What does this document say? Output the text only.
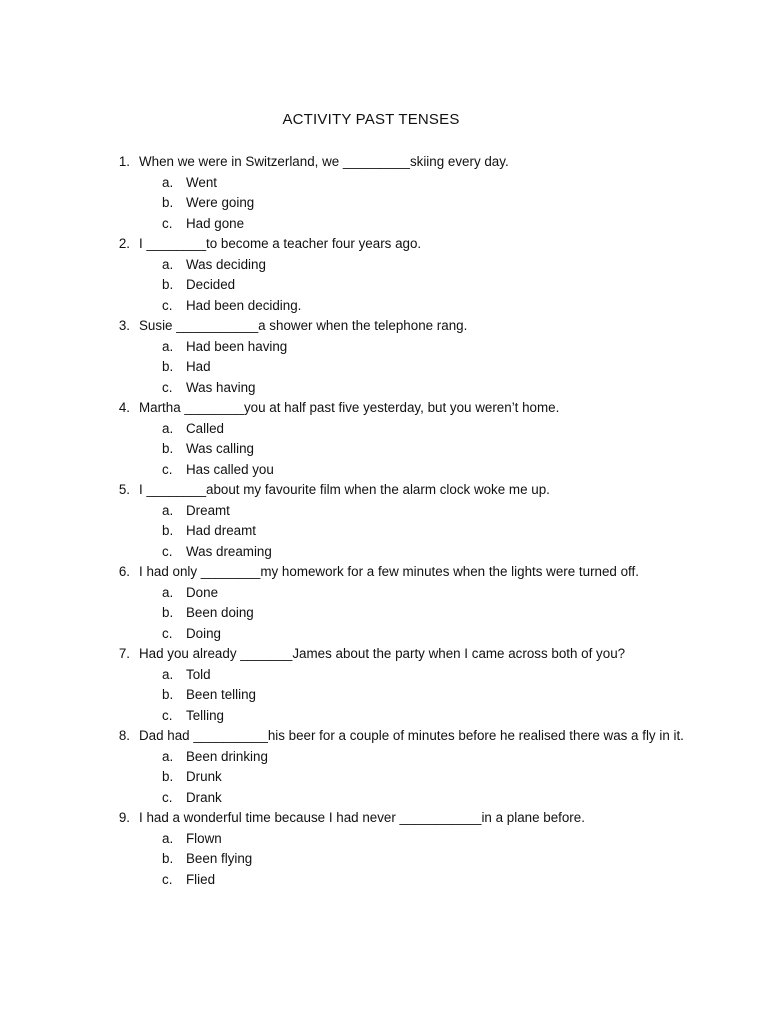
ACTIVITY PAST TENSES
1. When we were in Switzerland, we _________skiing every day.
a. Went
b. Were going
c. Had gone
2. I ________to become a teacher four years ago.
a. Was deciding
b. Decided
c. Had been deciding.
3. Susie ___________a shower when the telephone rang.
a. Had been having
b. Had
c. Was having
4. Martha ________you at half past five yesterday, but you weren’t home.
a. Called
b. Was calling
c. Has called you
5. I ________about my favourite film when the alarm clock woke me up.
a. Dreamt
b. Had dreamt
c. Was dreaming
6. I had only ________my homework for a few minutes when the lights were turned off.
a. Done
b. Been doing
c. Doing
7. Had you already _______James about the party when I came across both of you?
a. Told
b. Been telling
c. Telling
8. Dad had __________his beer for a couple of minutes before he realised there was a fly in it.
a. Been drinking
b. Drunk
c. Drank
9. I had a wonderful time because I had never ___________in a plane before.
a. Flown
b. Been flying
c. Flied
